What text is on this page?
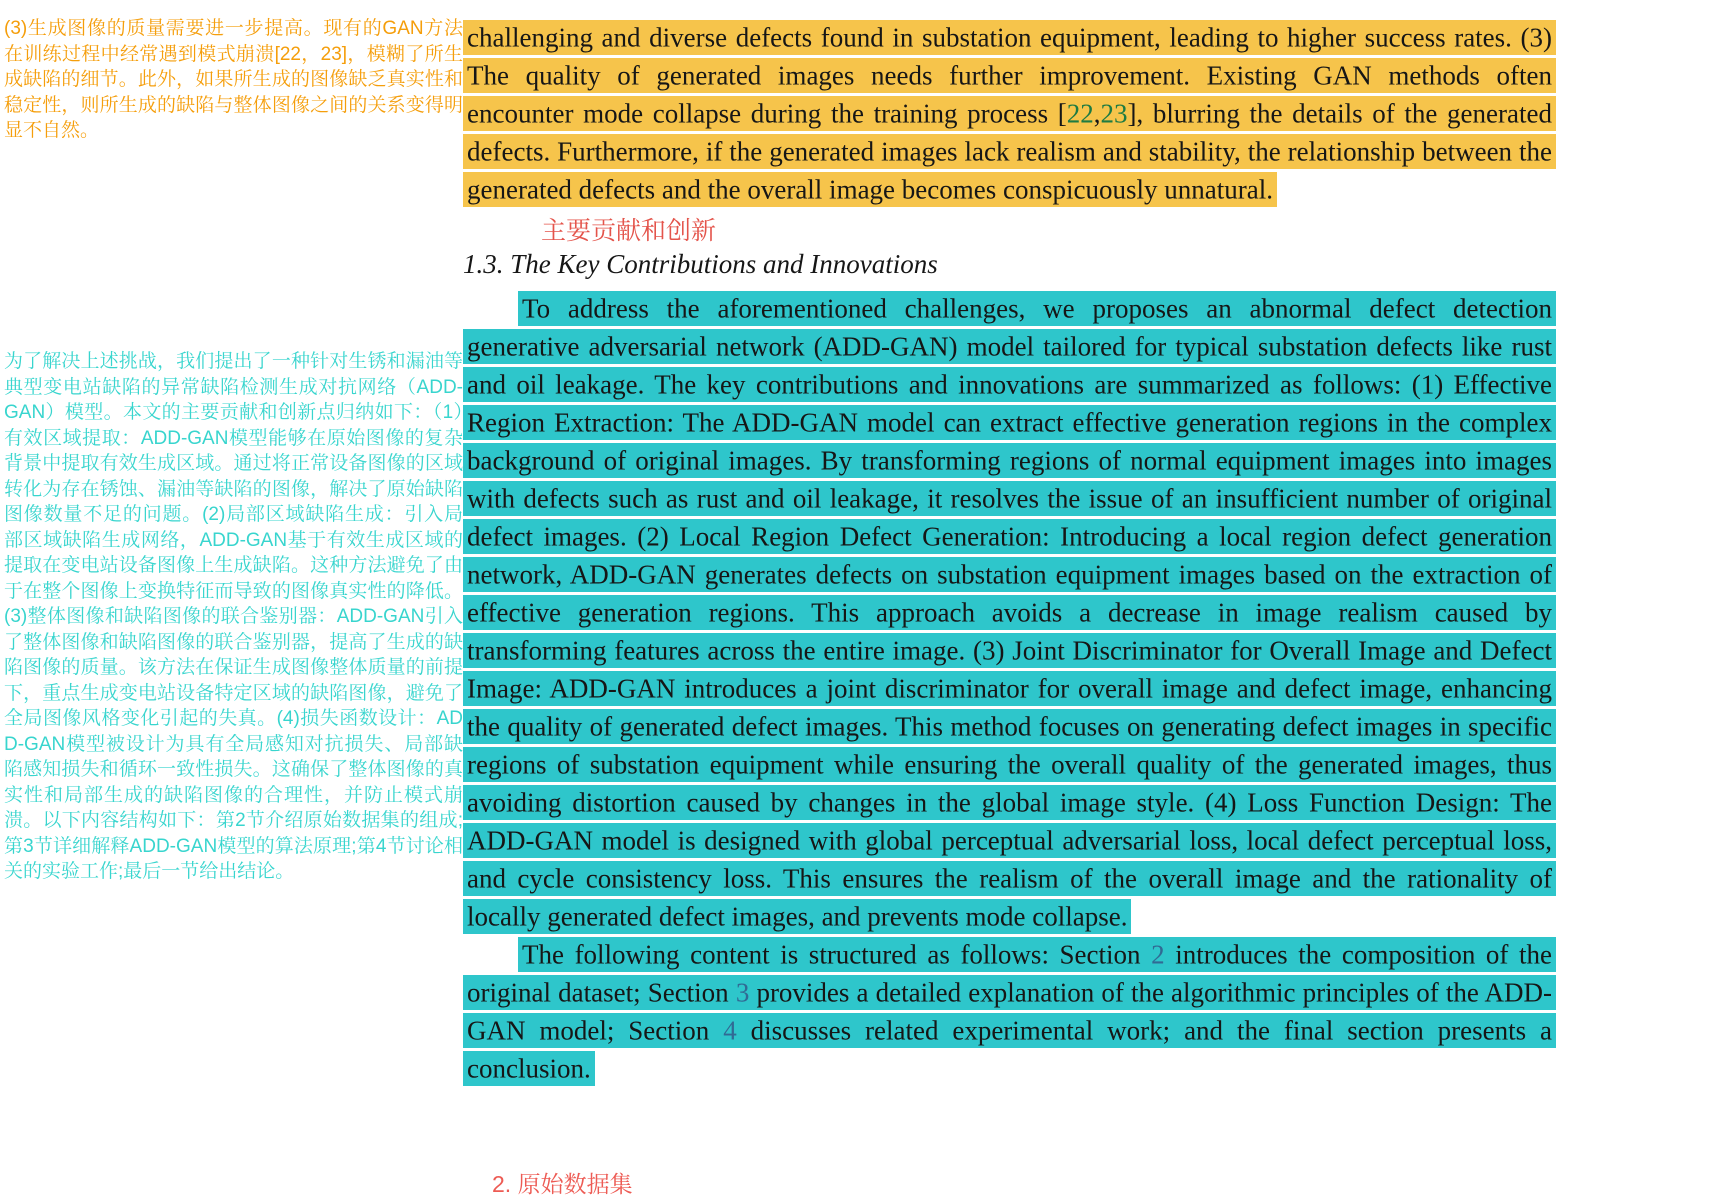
(3)生成图像的质量需要进一步提高。现有的GAN方法在训练过程中经常遇到模式崩溃[22，23]，模糊了所生成缺陷的细节。此外，如果所生成的图像缺乏真实性和稳定性，则所生成的缺陷与整体图像之间的关系变得明显不自然。
为了解决上述挑战，我们提出了一种针对生锈和漏油等典型变电站缺陷的异常缺陷检测生成对抗网络（ADD-GAN）模型。本文的主要贡献和创新点归纳如下：（1）有效区域提取：ADD-GAN模型能够在原始图像的复杂背景中提取有效生成区域。通过将正常设备图像的区域转化为存在锈蚀、漏油等缺陷的图像，解决了原始缺陷图像数量不足的问题。(2)局部区域缺陷生成：引入局部区域缺陷生成网络，ADD-GAN基于有效生成区域的提取在变电站设备图像上生成缺陷。这种方法避免了由于在整个图像上变换特征而导致的图像真实性的降低。(3)整体图像和缺陷图像的联合鉴别器：ADD-GAN引入了整体图像和缺陷图像的联合鉴别器，提高了生成的缺陷图像的质量。该方法在保证生成图像整体质量的前提下，重点生成变电站设备特定区域的缺陷图像，避免了全局图像风格变化引起的失真。(4)损失函数设计：ADD-GAN模型被设计为具有全局感知对抗损失、局部缺陷感知损失和循环一致性损失。这确保了整体图像的真实性和局部生成的缺陷图像的合理性，并防止模式崩溃。以下内容结构如下：第2节介绍原始数据集的组成;第3节详细解释ADD-GAN模型的算法原理;第4节讨论相关的实验工作;最后一节给出结论。

challenging and diverse defects found in substation equipment, leading to higher success rates. (3) The quality of generated images needs further improvement. Existing GAN methods often encounter mode collapse during the training process [22,23], blurring the details of the generated defects. Furthermore, if the generated images lack realism and stability, the relationship between the generated defects and the overall image becomes conspicuously unnatural.

主要贡献和创新
1.3. The Key Contributions and Innovations

To address the aforementioned challenges, we proposes an abnormal defect detection generative adversarial network (ADD-GAN) model tailored for typical substation defects like rust and oil leakage. The key contributions and innovations are summarized as follows: (1) Effective Region Extraction: The ADD-GAN model can extract effective generation regions in the complex background of original images. By transforming regions of normal equipment images into images with defects such as rust and oil leakage, it resolves the issue of an insufficient number of original defect images. (2) Local Region Defect Generation: Introducing a local region defect generation network, ADD-GAN generates defects on substation equipment images based on the extraction of effective generation regions. This approach avoids a decrease in image realism caused by transforming features across the entire image. (3) Joint Discriminator for Overall Image and Defect Image: ADD-GAN introduces a joint discriminator for overall image and defect image, enhancing the quality of generated defect images. This method focuses on generating defect images in specific regions of substation equipment while ensuring the overall quality of the generated images, thus avoiding distortion caused by changes in the global image style. (4) Loss Function Design: The ADD-GAN model is designed with global perceptual adversarial loss, local defect perceptual loss, and cycle consistency loss. This ensures the realism of the overall image and the rationality of locally generated defect images, and prevents mode collapse.

The following content is structured as follows: Section 2 introduces the composition of the original dataset; Section 3 provides a detailed explanation of the algorithmic principles of the ADD-GAN model; Section 4 discusses related experimental work; and the final section presents a conclusion.

2. 原始数据集
